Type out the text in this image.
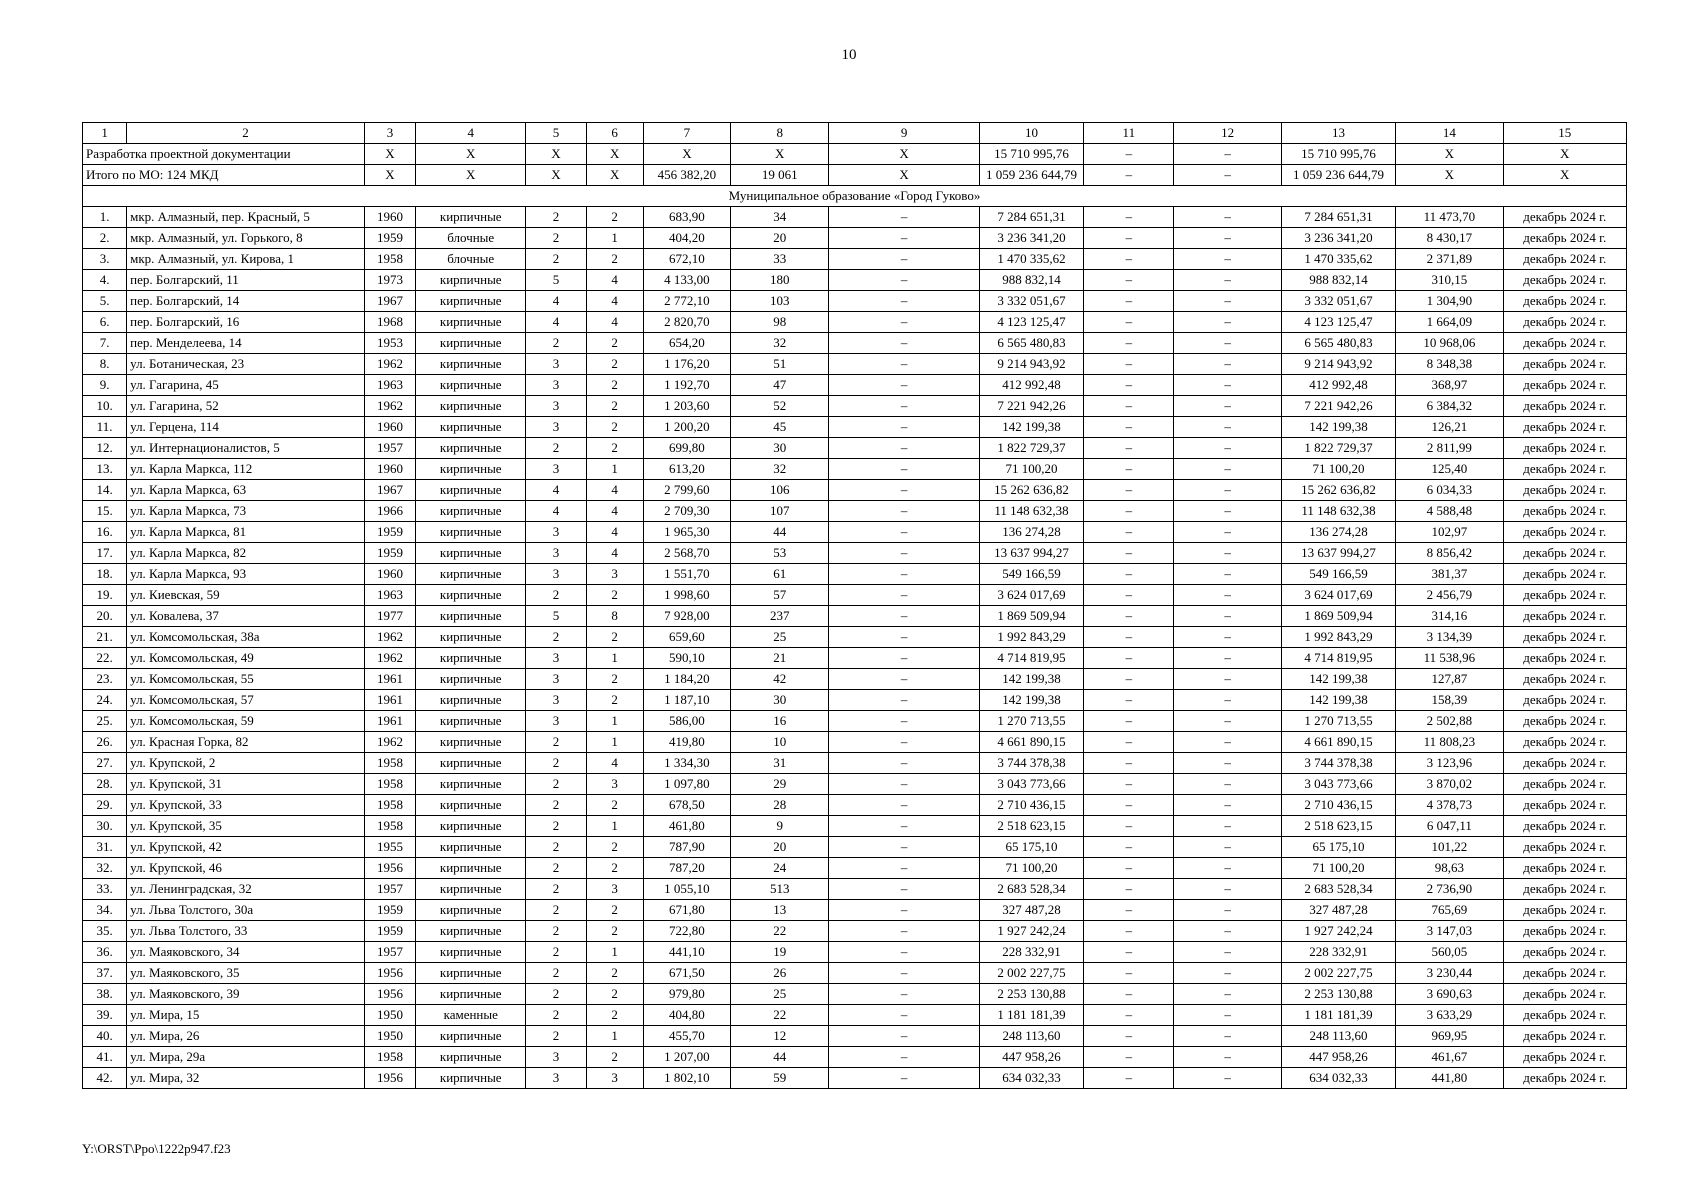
10
1	2	3	4	5	6	7	8	9	10	11	12	13	14	15
Разработка проектной документации		X	X	X	X	X	X	X	15 710 995,76	–	–	15 710 995,76	X	X
Итого по МО: 124 МКД		X	X	X	X	456 382,20	19 061	X	1 059 236 644,79	–	–	1 059 236 644,79	X	X
Муниципальное образование «Город Гуково»														
1.	мкр. Алмазный, пер. Красный, 5	1960	кирпичные	2	2	683,90	34	–	7 284 651,31	–	–	7 284 651,31	11 473,70	декабрь 2024 г.
2.	мкр. Алмазный, ул. Горького, 8	1959	блочные	2	1	404,20	20	–	3 236 341,20	–	–	3 236 341,20	8 430,17	декабрь 2024 г.
3.	мкр. Алмазный, ул. Кирова, 1	1958	блочные	2	2	672,10	33	–	1 470 335,62	–	–	1 470 335,62	2 371,89	декабрь 2024 г.
4.	пер. Болгарский, 11	1973	кирпичные	5	4	4 133,00	180	–	988 832,14	–	–	988 832,14	310,15	декабрь 2024 г.
5.	пер. Болгарский, 14	1967	кирпичные	4	4	2 772,10	103	–	3 332 051,67	–	–	3 332 051,67	1 304,90	декабрь 2024 г.
6.	пер. Болгарский, 16	1968	кирпичные	4	4	2 820,70	98	–	4 123 125,47	–	–	4 123 125,47	1 664,09	декабрь 2024 г.
7.	пер. Менделеева, 14	1953	кирпичные	2	2	654,20	32	–	6 565 480,83	–	–	6 565 480,83	10 968,06	декабрь 2024 г.
8.	ул. Ботаническая, 23	1962	кирпичные	3	2	1 176,20	51	–	9 214 943,92	–	–	9 214 943,92	8 348,38	декабрь 2024 г.
9.	ул. Гагарина, 45	1963	кирпичные	3	2	1 192,70	47	–	412 992,48	–	–	412 992,48	368,97	декабрь 2024 г.
10.	ул. Гагарина, 52	1962	кирпичные	3	2	1 203,60	52	–	7 221 942,26	–	–	7 221 942,26	6 384,32	декабрь 2024 г.
11.	ул. Герцена, 114	1960	кирпичные	3	2	1 200,20	45	–	142 199,38	–	–	142 199,38	126,21	декабрь 2024 г.
12.	ул. Интернационалистов, 5	1957	кирпичные	2	2	699,80	30	–	1 822 729,37	–	–	1 822 729,37	2 811,99	декабрь 2024 г.
13.	ул. Карла Маркса, 112	1960	кирпичные	3	1	613,20	32	–	71 100,20	–	–	71 100,20	125,40	декабрь 2024 г.
14.	ул. Карла Маркса, 63	1967	кирпичные	4	4	2 799,60	106	–	15 262 636,82	–	–	15 262 636,82	6 034,33	декабрь 2024 г.
15.	ул. Карла Маркса, 73	1966	кирпичные	4	4	2 709,30	107	–	11 148 632,38	–	–	11 148 632,38	4 588,48	декабрь 2024 г.
16.	ул. Карла Маркса, 81	1959	кирпичные	3	4	1 965,30	44	–	136 274,28	–	–	136 274,28	102,97	декабрь 2024 г.
17.	ул. Карла Маркса, 82	1959	кирпичные	3	4	2 568,70	53	–	13 637 994,27	–	–	13 637 994,27	8 856,42	декабрь 2024 г.
18.	ул. Карла Маркса, 93	1960	кирпичные	3	3	1 551,70	61	–	549 166,59	–	–	549 166,59	381,37	декабрь 2024 г.
19.	ул. Киевская, 59	1963	кирпичные	2	2	1 998,60	57	–	3 624 017,69	–	–	3 624 017,69	2 456,79	декабрь 2024 г.
20.	ул. Ковалева, 37	1977	кирпичные	5	8	7 928,00	237	–	1 869 509,94	–	–	1 869 509,94	314,16	декабрь 2024 г.
21.	ул. Комсомольская, 38а	1962	кирпичные	2	2	659,60	25	–	1 992 843,29	–	–	1 992 843,29	3 134,39	декабрь 2024 г.
22.	ул. Комсомольская, 49	1962	кирпичные	3	1	590,10	21	–	4 714 819,95	–	–	4 714 819,95	11 538,96	декабрь 2024 г.
23.	ул. Комсомольская, 55	1961	кирпичные	3	2	1 184,20	42	–	142 199,38	–	–	142 199,38	127,87	декабрь 2024 г.
24.	ул. Комсомольская, 57	1961	кирпичные	3	2	1 187,10	30	–	142 199,38	–	–	142 199,38	158,39	декабрь 2024 г.
25.	ул. Комсомольская, 59	1961	кирпичные	3	1	586,00	16	–	1 270 713,55	–	–	1 270 713,55	2 502,88	декабрь 2024 г.
26.	ул. Красная Горка, 82	1962	кирпичные	2	1	419,80	10	–	4 661 890,15	–	–	4 661 890,15	11 808,23	декабрь 2024 г.
27.	ул. Крупской, 2	1958	кирпичные	2	4	1 334,30	31	–	3 744 378,38	–	–	3 744 378,38	3 123,96	декабрь 2024 г.
28.	ул. Крупской, 31	1958	кирпичные	2	3	1 097,80	29	–	3 043 773,66	–	–	3 043 773,66	3 870,02	декабрь 2024 г.
29.	ул. Крупской, 33	1958	кирпичные	2	2	678,50	28	–	2 710 436,15	–	–	2 710 436,15	4 378,73	декабрь 2024 г.
30.	ул. Крупской, 35	1958	кирпичные	2	1	461,80	9	–	2 518 623,15	–	–	2 518 623,15	6 047,11	декабрь 2024 г.
31.	ул. Крупской, 42	1955	кирпичные	2	2	787,90	20	–	65 175,10	–	–	65 175,10	101,22	декабрь 2024 г.
32.	ул. Крупской, 46	1956	кирпичные	2	2	787,20	24	–	71 100,20	–	–	71 100,20	98,63	декабрь 2024 г.
33.	ул. Ленинградская, 32	1957	кирпичные	2	3	1 055,10	513	–	2 683 528,34	–	–	2 683 528,34	2 736,90	декабрь 2024 г.
34.	ул. Льва Толстого, 30а	1959	кирпичные	2	2	671,80	13	–	327 487,28	–	–	327 487,28	765,69	декабрь 2024 г.
35.	ул. Льва Толстого, 33	1959	кирпичные	2	2	722,80	22	–	1 927 242,24	–	–	1 927 242,24	3 147,03	декабрь 2024 г.
36.	ул. Маяковского, 34	1957	кирпичные	2	1	441,10	19	–	228 332,91	–	–	228 332,91	560,05	декабрь 2024 г.
37.	ул. Маяковского, 35	1956	кирпичные	2	2	671,50	26	–	2 002 227,75	–	–	2 002 227,75	3 230,44	декабрь 2024 г.
38.	ул. Маяковского, 39	1956	кирпичные	2	2	979,80	25	–	2 253 130,88	–	–	2 253 130,88	3 690,63	декабрь 2024 г.
39.	ул. Мира, 15	1950	каменные	2	2	404,80	22	–	1 181 181,39	–	–	1 181 181,39	3 633,29	декабрь 2024 г.
40.	ул. Мира, 26	1950	кирпичные	2	1	455,70	12	–	248 113,60	–	–	248 113,60	969,95	декабрь 2024 г.
41.	ул. Мира, 29а	1958	кирпичные	3	2	1 207,00	44	–	447 958,26	–	–	447 958,26	461,67	декабрь 2024 г.
42.	ул. Мира, 32	1956	кирпичные	3	3	1 802,10	59	–	634 032,33	–	–	634 032,33	441,80	декабрь 2024 г.
Y:\ORST\Ppo\1222p947.f23
